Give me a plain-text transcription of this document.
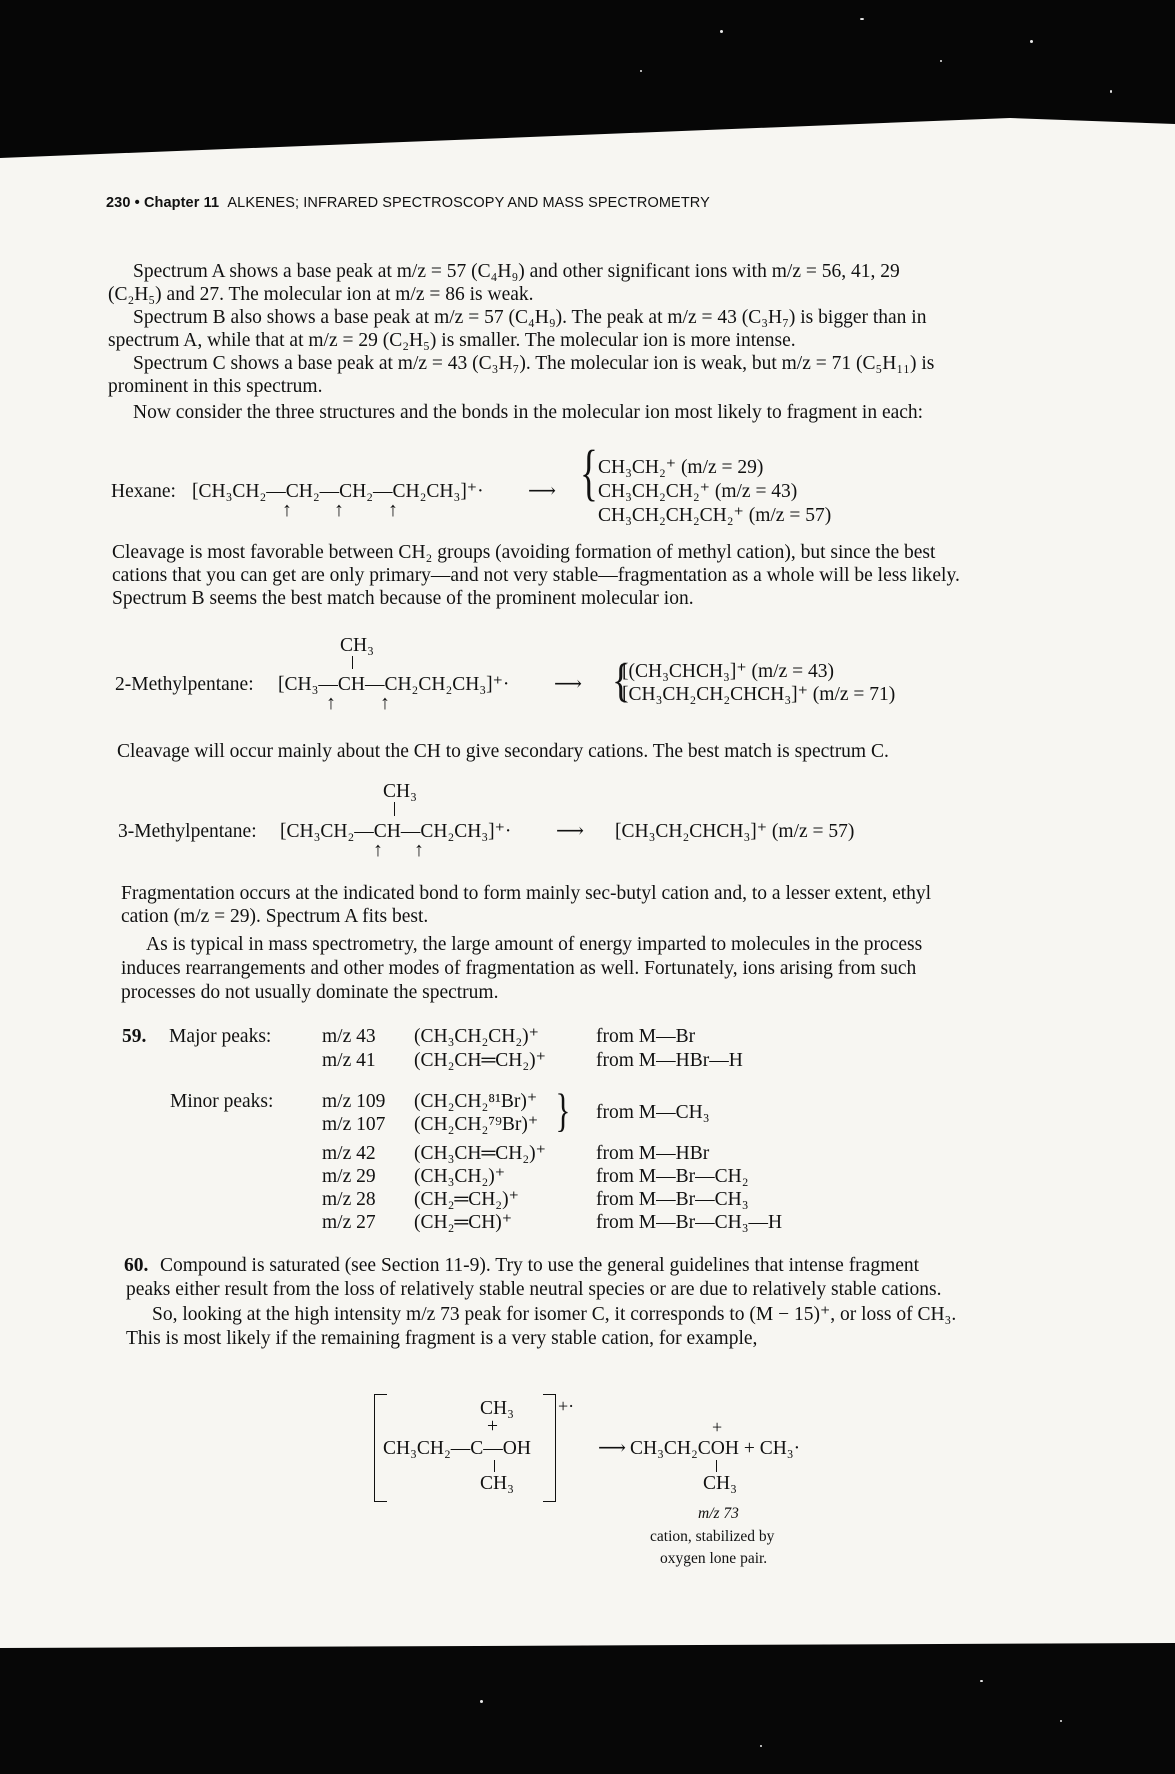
230 • Chapter 11 ALKENES; INFRARED SPECTROSCOPY AND MASS SPECTROMETRY
Spectrum A shows a base peak at m/z = 57 (C₄H₉) and other significant ions with m/z = 56, 41, 29
(C₂H₅) and 27. The molecular ion at m/z = 86 is weak.
Spectrum B also shows a base peak at m/z = 57 (C₄H₉). The peak at m/z = 43 (C₃H₇) is bigger than in
spectrum A, while that at m/z = 29 (C₂H₅) is smaller. The molecular ion is more intense.
Spectrum C shows a base peak at m/z = 43 (C₃H₇). The molecular ion is weak, but m/z = 71 (C₅H₁₁) is
prominent in this spectrum.
Now consider the three structures and the bonds in the molecular ion most likely to fragment in each:
Hexane: [CH₃CH₂—CH₂—CH₂—CH₂CH₃]⁺·
↑ ↑ ↑
⟶ { CH₃CH₂⁺ (m/z = 29)
CH₃CH₂CH₂⁺ (m/z = 43)
CH₃CH₂CH₂CH₂⁺ (m/z = 57)
Cleavage is most favorable between CH₂ groups (avoiding formation of methyl cation), but since the best
cations that you can get are only primary—and not very stable—fragmentation as a whole will be less likely.
Spectrum B seems the best match because of the prominent molecular ion.
CH₃
2-Methylpentane: [CH₃—CH—CH₂CH₂CH₃]⁺·
↑ ↑
⟶ {
[(CH₃CHCH₃]⁺ (m/z = 43)
[CH₃CH₂CH₂CHCH₃]⁺ (m/z = 71)
Cleavage will occur mainly about the CH to give secondary cations. The best match is spectrum C.
CH₃
3-Methylpentane: [CH₃CH₂—CH—CH₂CH₃]⁺·
↑ ↑
⟶ [CH₃CH₂CHCH₃]⁺ (m/z = 57)
Fragmentation occurs at the indicated bond to form mainly sec-butyl cation and, to a lesser extent, ethyl
cation (m/z = 29). Spectrum A fits best.
As is typical in mass spectrometry, the large amount of energy imparted to molecules in the process
induces rearrangements and other modes of fragmentation as well. Fortunately, ions arising from such
processes do not usually dominate the spectrum.
59. Major peaks:	m/z 43 (CH₃CH₂CH₂)⁺	from M—Br
m/z 41 (CH₂CH═CH₂)⁺	from M—HBr—H
Minor peaks: m/z 109 (CH₂CH₂⁸¹Br)⁺
m/z 107 (CH₂CH₂⁷⁹Br)⁺ } from M—CH₃
m/z 42 (CH₃CH═CH₂)⁺	from M—HBr
m/z 29 (CH₃CH₂)⁺	from M—Br—CH₂
m/z 28 (CH₂═CH₂)⁺	from M—Br—CH₃
m/z 27 (CH₂═CH)⁺	from M—Br—CH₃—H
60. Compound is saturated (see Section 11-9). Try to use the general guidelines that intense fragment
peaks either result from the loss of relatively stable neutral species or are due to relatively stable cations.
So, looking at the high intensity m/z 73 peak for isomer C, it corresponds to (M − 15)⁺, or loss of CH₃.
This is most likely if the remaining fragment is a very stable cation, for example,
+·
CH₃
+
CH₃CH₂—C—OH
CH₃
⟶
+
CH₃CH₂COH + CH₃·
CH₃
m/z 73
cation, stabilized by
oxygen lone pair.
